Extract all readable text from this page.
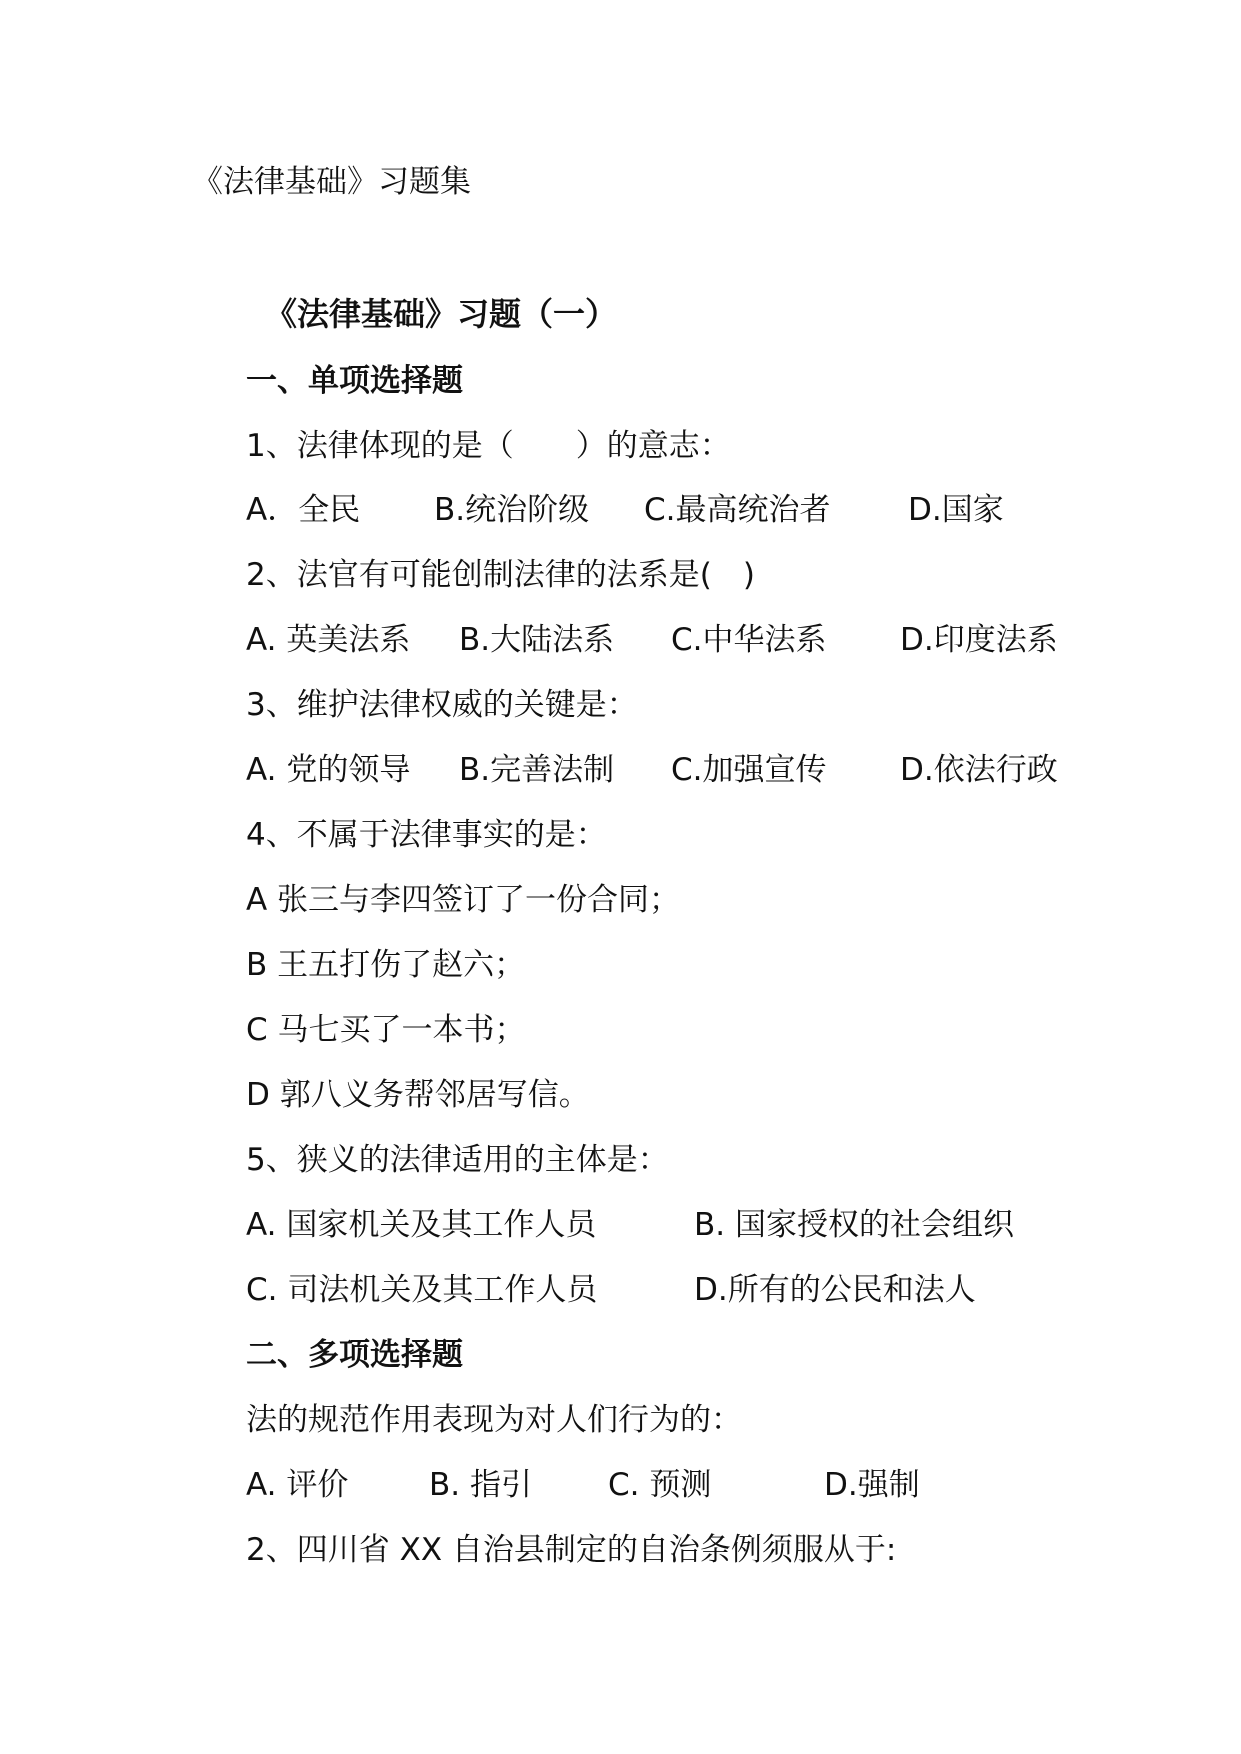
《法律基础》习题集
《法律基础》习题（一）
一、单项选择题
1、法律体现的是（　　）的意志：
A．全民 B.统治阶级 C.最高统治者	D.国家
2、法官有可能创制法律的法系是(　)
A. 英美法系 B.大陆法系 C.中华法系 D.印度法系
3、维护法律权威的关键是：
A. 党的领导 B.完善法制 C.加强宣传 D.依法行政
4、不属于法律事实的是：
A 张三与李四签订了一份合同；
B 王五打伤了赵六；
C 马七买了一本书；
D 郭八义务帮邻居写信。
5、狭义的法律适用的主体是：
A. 国家机关及其工作人员	B. 国家授权的社会组织
C. 司法机关及其工作人员	D.所有的公民和法人
二、多项选择题
法的规范作用表现为对人们行为的：
A. 评价	B. 指引 C. 预测	D.强制
2、四川省 XX 自治县制定的自治条例须服从于:
